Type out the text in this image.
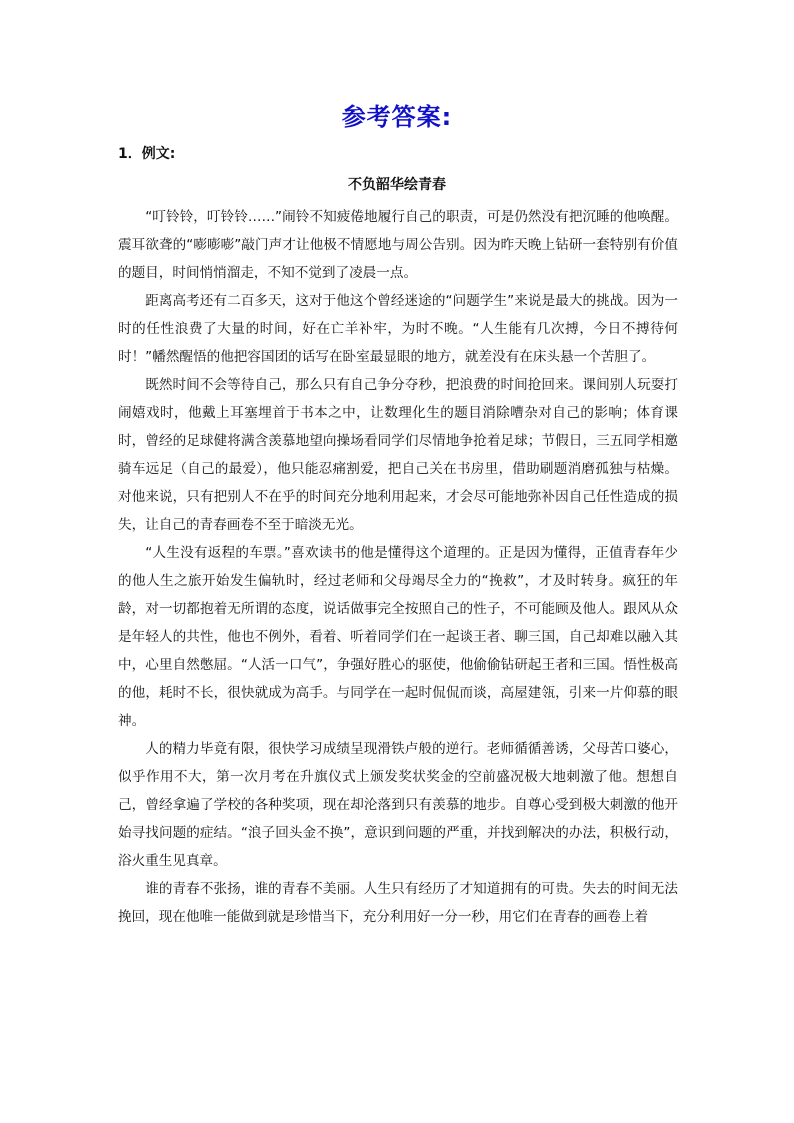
参考答案:
1．例文:
不负韶华绘青春

“叮铃铃，叮铃铃……”闹铃不知疲倦地履行自己的职责，可是仍然没有把沉睡的他唤醒。震耳欲聋的“嘭嘭嘭”敲门声才让他极不情愿地与周公告别。因为昨天晚上钻研一套特别有价值的题目，时间悄悄溜走，不知不觉到了凌晨一点。

距离高考还有二百多天，这对于他这个曾经迷途的“问题学生”来说是最大的挑战。因为一时的任性浪费了大量的时间，好在亡羊补牢，为时不晚。“人生能有几次搏，今日不搏待何时！”幡然醒悟的他把容国团的话写在卧室最显眼的地方，就差没有在床头悬一个苦胆了。

既然时间不会等待自己，那么只有自己争分夺秒，把浪费的时间抢回来。课间别人玩耍打闹嬉戏时，他戴上耳塞埋首于书本之中，让数理化生的题目消除嘈杂对自己的影响；体育课时，曾经的足球健将满含羡慕地望向操场看同学们尽情地争抢着足球；节假日，三五同学相邀骑车远足（自己的最爱），他只能忍痛割爱，把自己关在书房里，借助刷题消磨孤独与枯燥。对他来说，只有把别人不在乎的时间充分地利用起来，才会尽可能地弥补因自己任性造成的损失，让自己的青春画卷不至于暗淡无光。

“人生没有返程的车票。”喜欢读书的他是懂得这个道理的。正是因为懂得，正值青春年少的他人生之旅开始发生偏轨时，经过老师和父母竭尽全力的“挽救”，才及时转身。疯狂的年龄，对一切都抱着无所谓的态度，说话做事完全按照自己的性子，不可能顾及他人。跟风从众是年轻人的共性，他也不例外，看着、听着同学们在一起谈王者、聊三国，自己却难以融入其中，心里自然憋屈。“人活一口气”，争强好胜心的驱使，他偷偷钻研起王者和三国。悟性极高的他，耗时不长，很快就成为高手。与同学在一起时侃侃而谈，高屋建瓴，引来一片仰慕的眼神。

人的精力毕竟有限，很快学习成绩呈现滑铁卢般的逆行。老师循循善诱，父母苦口婆心，似乎作用不大，第一次月考在升旗仪式上颁发奖状奖金的空前盛况极大地刺激了他。想想自己，曾经拿遍了学校的各种奖项，现在却沦落到只有羡慕的地步。自尊心受到极大刺激的他开始寻找问题的症结。“浪子回头金不换”，意识到问题的严重，并找到解决的办法，积极行动，浴火重生见真章。

谁的青春不张扬，谁的青春不美丽。人生只有经历了才知道拥有的可贵。失去的时间无法挽回，现在他唯一能做到就是珍惜当下，充分利用好一分一秒，用它们在青春的画卷上着
